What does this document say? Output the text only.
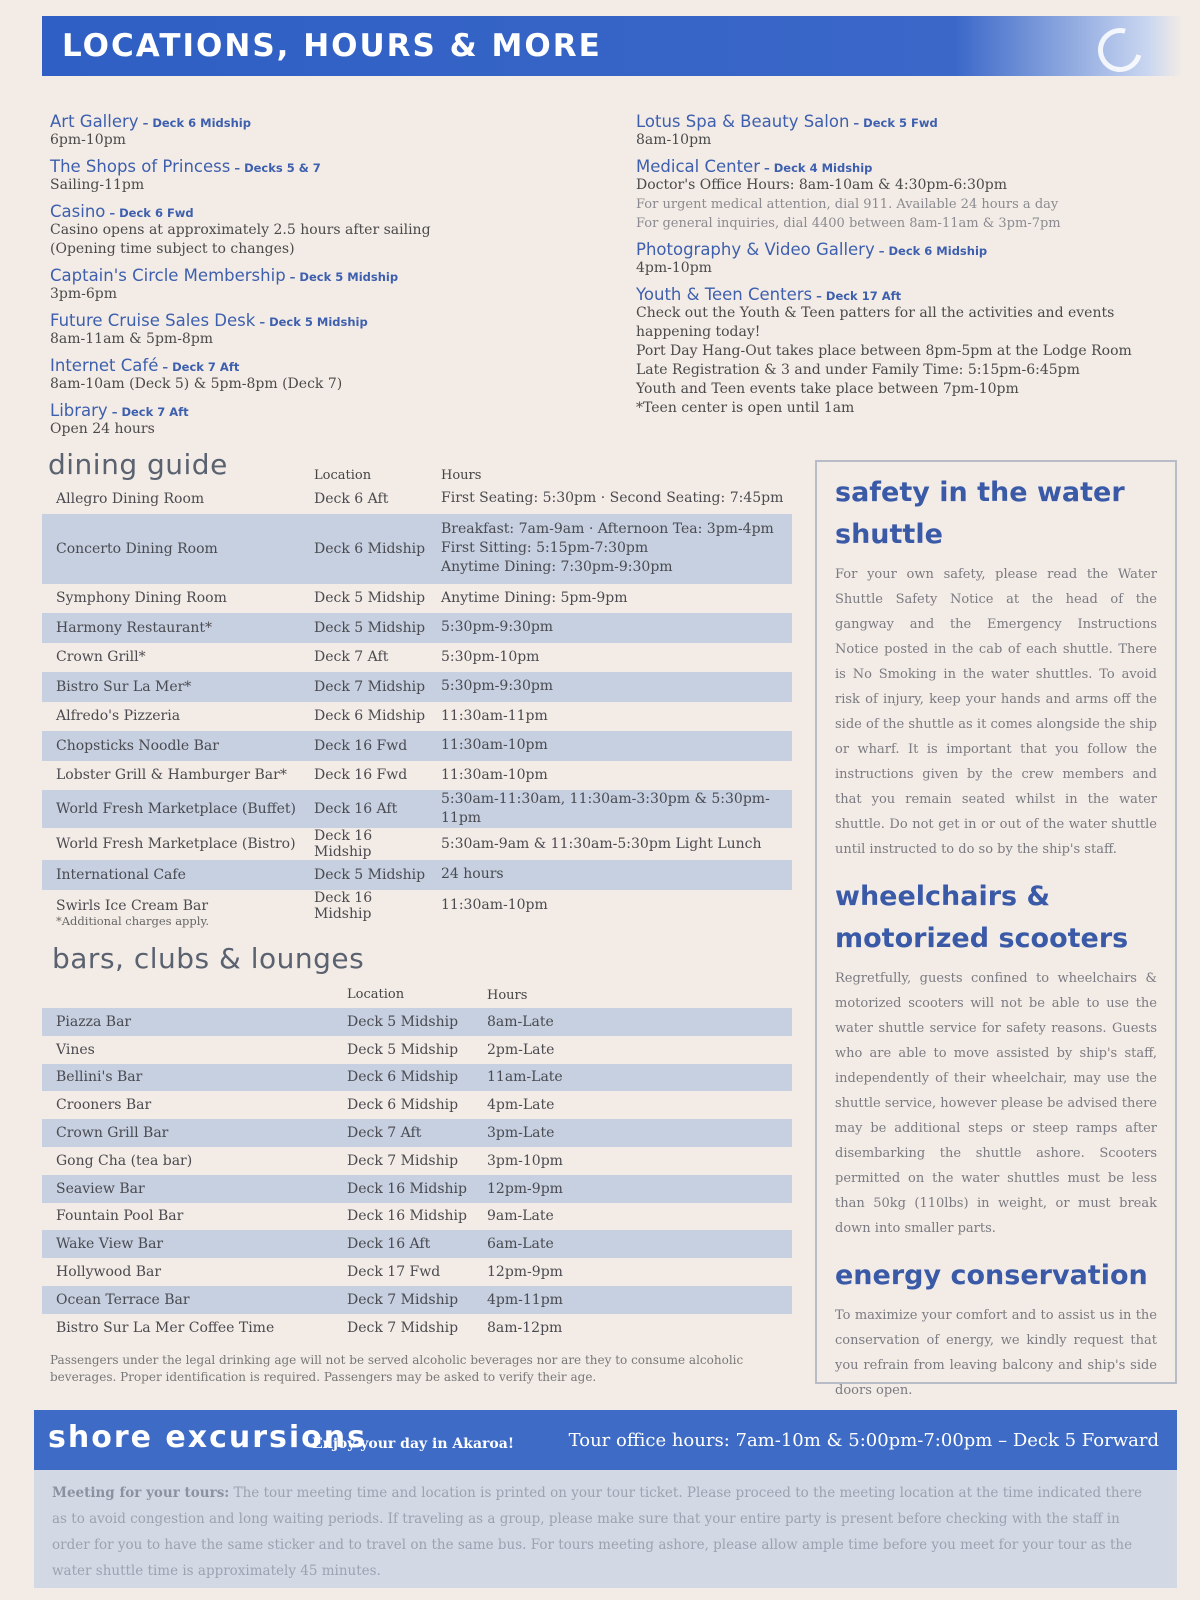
LOCATIONS, HOURS & MORE
Art Gallery – Deck 6 Midship
6pm-10pm
The Shops of Princess – Decks 5 & 7
Sailing-11pm
Casino – Deck 6 Fwd
Casino opens at approximately 2.5 hours after sailing
(Opening time subject to changes)
Captain's Circle Membership – Deck 5 Midship
3pm-6pm
Future Cruise Sales Desk – Deck 5 Midship
8am-11am & 5pm-8pm
Internet Café – Deck 7 Aft
8am-10am (Deck 5) & 5pm-8pm (Deck 7)
Library – Deck 7 Aft
Open 24 hours
Lotus Spa & Beauty Salon – Deck 5 Fwd
8am-10pm
Medical Center – Deck 4 Midship
Doctor's Office Hours: 8am-10am & 4:30pm-6:30pm
For urgent medical attention, dial 911. Available 24 hours a day
For general inquiries, dial 4400 between 8am-11am & 3pm-7pm
Photography & Video Gallery – Deck 6 Midship
4pm-10pm
Youth & Teen Centers – Deck 17 Aft
Check out the Youth & Teen patters for all the activities and events
happening today!
Port Day Hang-Out takes place between 8pm-5pm at the Lodge Room
Late Registration & 3 and under Family Time: 5:15pm-6:45pm
Youth and Teen events take place between 7pm-10pm
*Teen center is open until 1am
dining guide	Location	Hours
Allegro Dining Room	Deck 6 Aft	First Seating: 5:30pm · Second Seating: 7:45pm

Concerto Dining Room	Deck 6 Midship	Breakfast: 7am-9am · Afternoon Tea: 3pm-4pm
First Sitting: 5:15pm-7:30pm
Anytime Dining: 7:30pm-9:30pm

Symphony Dining Room	Deck 5 Midship	Anytime Dining: 5pm-9pm

Harmony Restaurant*	Deck 5 Midship	5:30pm-9:30pm

Crown Grill*	Deck 7 Aft	5:30pm-10pm

Bistro Sur La Mer*	Deck 7 Midship	5:30pm-9:30pm

Alfredo's Pizzeria	Deck 6 Midship	11:30am-11pm

Chopsticks Noodle Bar	Deck 16 Fwd	11:30am-10pm

Lobster Grill & Hamburger Bar*	Deck 16 Fwd	11:30am-10pm

World Fresh Marketplace (Buffet)	Deck 16 Aft	5:30am-11:30am, 11:30am-3:30pm & 5:30pm-11pm

World Fresh Marketplace (Bistro)	Deck 16 Midship	5:30am-9am & 11:30am-5:30pm Light Lunch

International Cafe	Deck 5 Midship	24 hours

Swirls Ice Cream Bar	Deck 16 Midship	11:30am-10pm
*Additional charges apply.
bars, clubs & lounges
Location	Hours
Piazza Bar	Deck 5 Midship	8am-Late
Vines	Deck 5 Midship	2pm-Late
Bellini's Bar	Deck 6 Midship	11am-Late
Crooners Bar	Deck 6 Midship	4pm-Late
Crown Grill Bar	Deck 7 Aft	3pm-Late
Gong Cha (tea bar)	Deck 7 Midship	3pm-10pm
Seaview Bar	Deck 16 Midship	12pm-9pm
Fountain Pool Bar	Deck 16 Midship	9am-Late
Wake View Bar	Deck 16 Aft	6am-Late
Hollywood Bar	Deck 17 Fwd	12pm-9pm
Ocean Terrace Bar	Deck 7 Midship	4pm-11pm
Bistro Sur La Mer Coffee Time	Deck 7 Midship	8am-12pm
Passengers under the legal drinking age will not be served alcoholic beverages nor are they to consume alcoholic beverages. Proper identification is required. Passengers may be asked to verify their age.
safety in the water shuttle

For your own safety, please read the Water Shuttle Safety Notice at the head of the gangway and the Emergency Instructions Notice posted in the cab of each shuttle. There is No Smoking in the water shuttles. To avoid risk of injury, keep your hands and arms off the side of the shuttle as it comes alongside the ship or wharf. It is important that you follow the instructions given by the crew members and that you remain seated whilst in the water shuttle. Do not get in or out of the water shuttle until instructed to do so by the ship's staff.

wheelchairs & motorized scooters

Regretfully, guests confined to wheelchairs & motorized scooters will not be able to use the water shuttle service for safety reasons. Guests who are able to move assisted by ship's staff, independently of their wheelchair, may use the shuttle service, however please be advised there may be additional steps or steep ramps after disembarking the shuttle ashore. Scooters permitted on the water shuttles must be less than 50kg (110lbs) in weight, or must break down into smaller parts.

energy conservation

To maximize your comfort and to assist us in the conservation of energy, we kindly request that you refrain from leaving balcony and ship's side doors open.

shore excursions
Enjoy your day in Akaroa!	Tour office hours: 7am-10m & 5:00pm-7:00pm – Deck 5 Forward
Meeting for your tours: The tour meeting time and location is printed on your tour ticket. Please proceed to the meeting location at the time indicated there as to avoid congestion and long waiting periods. If traveling as a group, please make sure that your entire party is present before checking with the staff in order for you to have the same sticker and to travel on the same bus. For tours meeting ashore, please allow ample time before you meet for your tour as the water shuttle time is approximately 45 minutes.
